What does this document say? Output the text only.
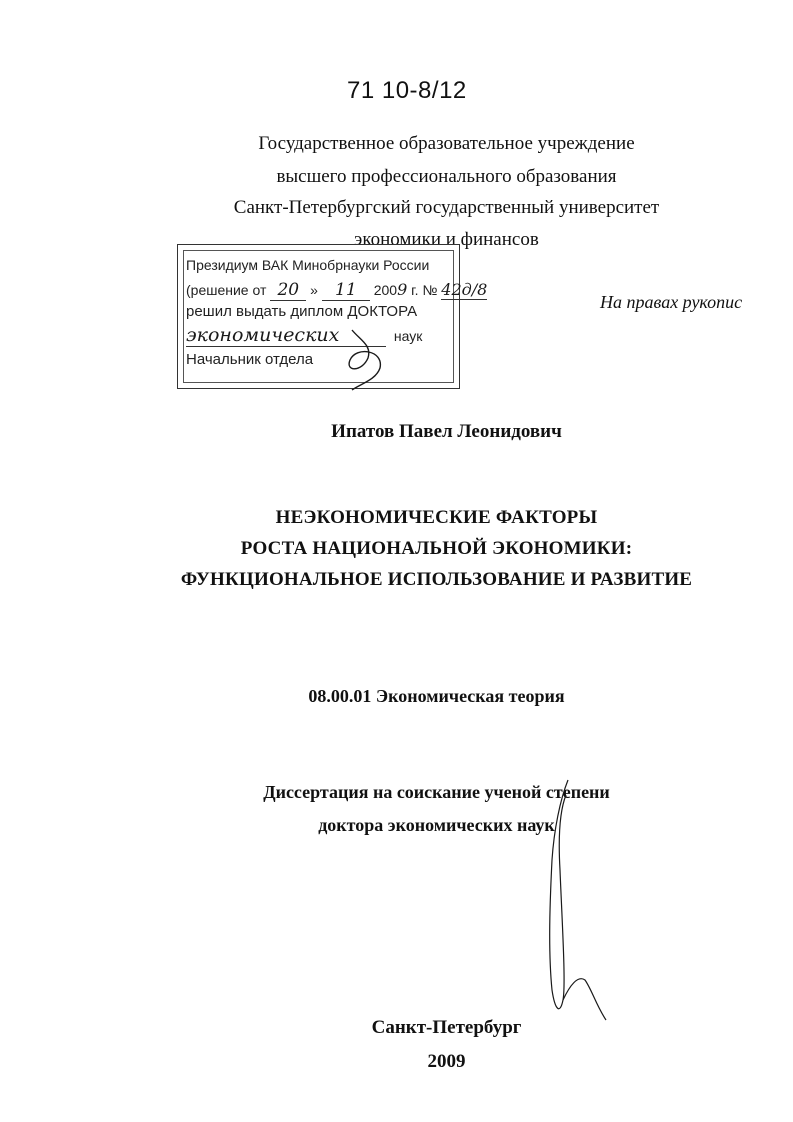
71 10-8/12
Государственное образовательное учреждение
высшего профессионального образования
Санкт-Петербургский государственный университет
экономики и финансов
Президиум ВАК Минобрнауки России
(решение от 20 » 11 2009 г. № 42д/8
решил выдать диплом ДОКТОРА
экономических	наук
Начальник отдела
На правах рукопис
Ипатов Павел Леонидович
НЕЭКОНОМИЧЕСКИЕ ФАКТОРЫ
РОСТА НАЦИОНАЛЬНОЙ ЭКОНОМИКИ:
ФУНКЦИОНАЛЬНОЕ ИСПОЛЬЗОВАНИЕ И РАЗВИТИЕ
08.00.01 Экономическая теория
Диссертация на соискание ученой степени
доктора экономических наук
Санкт-Петербург
2009
